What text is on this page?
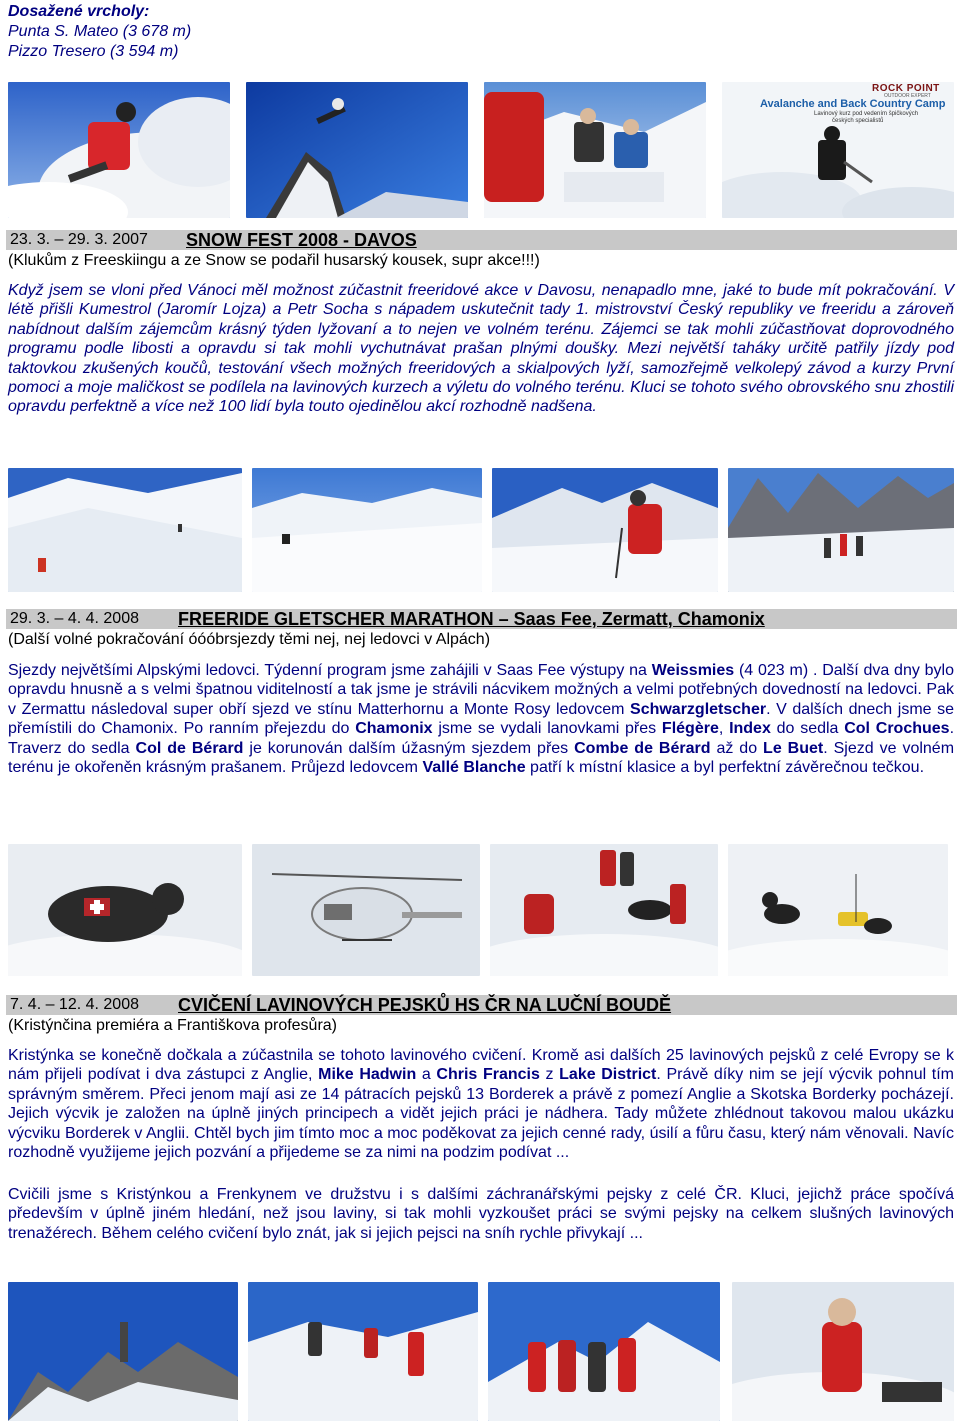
Dosažené vrcholy:
Punta S. Mateo (3 678 m)
Pizzo Tresero (3 594 m)
ROCK POINT
OUTDOOR EXPERT
Avalanche and Back Country Camp
Lavinový kurz pod vedením špičkových
českých specialistů
23. 3. – 29. 3. 2007 SNOW FEST 2008 - DAVOS
(Klukům z Freeskiingu a ze Snow se podařil husarský kousek, supr akce!!!)
Když jsem se vloni před Vánoci měl možnost zúčastnit freeridové akce v Davosu, nenapadlo mne, jaké to bude mít pokračování. V létě přišli Kumestrol (Jaromír Lojza) a Petr Socha s nápadem uskutečnit tady 1. mistrovství Český republiky ve freeridu a zároveň nabídnout dalším zájemcům krásný týden lyžovaní a to nejen ve volném terénu. Zájemci se tak mohli zúčastňovat doprovodného programu podle libosti a opravdu si tak mohli vychutnávat prašan plnými doušky. Mezi největší taháky určitě patřily jízdy pod taktovkou zkušených koučů, testování všech možných freeridových a skialpových lyží, samozřejmě velkolepý závod a kurzy První pomoci a moje maličkost se podílela na lavinových kurzech a výletu do volného terénu. Kluci se tohoto svého obrovského snu zhostili opravdu perfektně a více než 100 lidí byla touto ojedinělou akcí rozhodně nadšena.
29. 3. – 4. 4. 2008 FREERIDE GLETSCHER MARATHON – Saas Fee, Zermatt, Chamonix
(Další volné pokračování óóóbrsjezdy těmi nej, nej ledovci v Alpách)
Sjezdy největšími Alpskými ledovci. Týdenní program jsme zahájili v Saas Fee výstupy na Weissmies (4 023 m) . Další dva dny bylo opravdu hnusně a s velmi špatnou viditelností a tak jsme je strávili nácvikem možných a velmi potřebných dovedností na ledovci. Pak v Zermattu následoval super obří sjezd ve stínu Matterhornu a Monte Rosy ledovcem Schwarzgletscher. V dalších dnech jsme se přemístili do Chamonix. Po ranním přejezdu do Chamonix jsme se vydali lanovkami přes Flégère, Index do sedla Col Crochues. Traverz do sedla Col de Bérard je korunován dalším úžasným sjezdem přes Combe de Bérard až do Le Buet. Sjezd ve volném terénu je okořeněn krásným prašanem. Průjezd ledovcem Vallé Blanche patří k místní klasice a byl perfektní závěrečnou tečkou.
7. 4. – 12. 4. 2008 CVIČENÍ LAVINOVÝCH PEJSKŮ HS ČR NA LUČNÍ BOUDĚ
(Kristýnčina premiéra a Františkova profesůra)
Kristýnka se konečně dočkala a zúčastnila se tohoto lavinového cvičení. Kromě asi dalších 25 lavinových pejsků z celé Evropy se k nám přijeli podívat i dva zástupci z Anglie, Mike Hadwin a Chris Francis z Lake District. Právě díky nim se její výcvik pohnul tím správným směrem. Přeci jenom mají asi ze 14 pátracích pejsků 13 Borderek a právě z pomezí Anglie a Skotska Borderky pocházejí. Jejich výcvik je založen na úplně jiných principech a vidět jejich práci je nádhera. Tady můžete zhlédnout takovou malou ukázku výcviku Borderek v Anglii. Chtěl bych jim tímto moc a moc poděkovat za jejich cenné rady, úsilí a fůru času, který nám věnovali. Navíc rozhodně využijeme jejich pozvání a přijedeme se za nimi na podzim podívat ...
Cvičili jsme s Kristýnkou a Frenkynem ve družstvu i s dalšími záchranářskými pejsky z celé ČR. Kluci, jejichž práce spočívá především v úplně jiném hledání, než jsou laviny, si tak mohli vyzkoušet práci se svými pejsky na celkem slušných lavinových trenažérech. Během celého cvičení bylo znát, jak si jejich pejsci na sníh rychle přivykají ...
